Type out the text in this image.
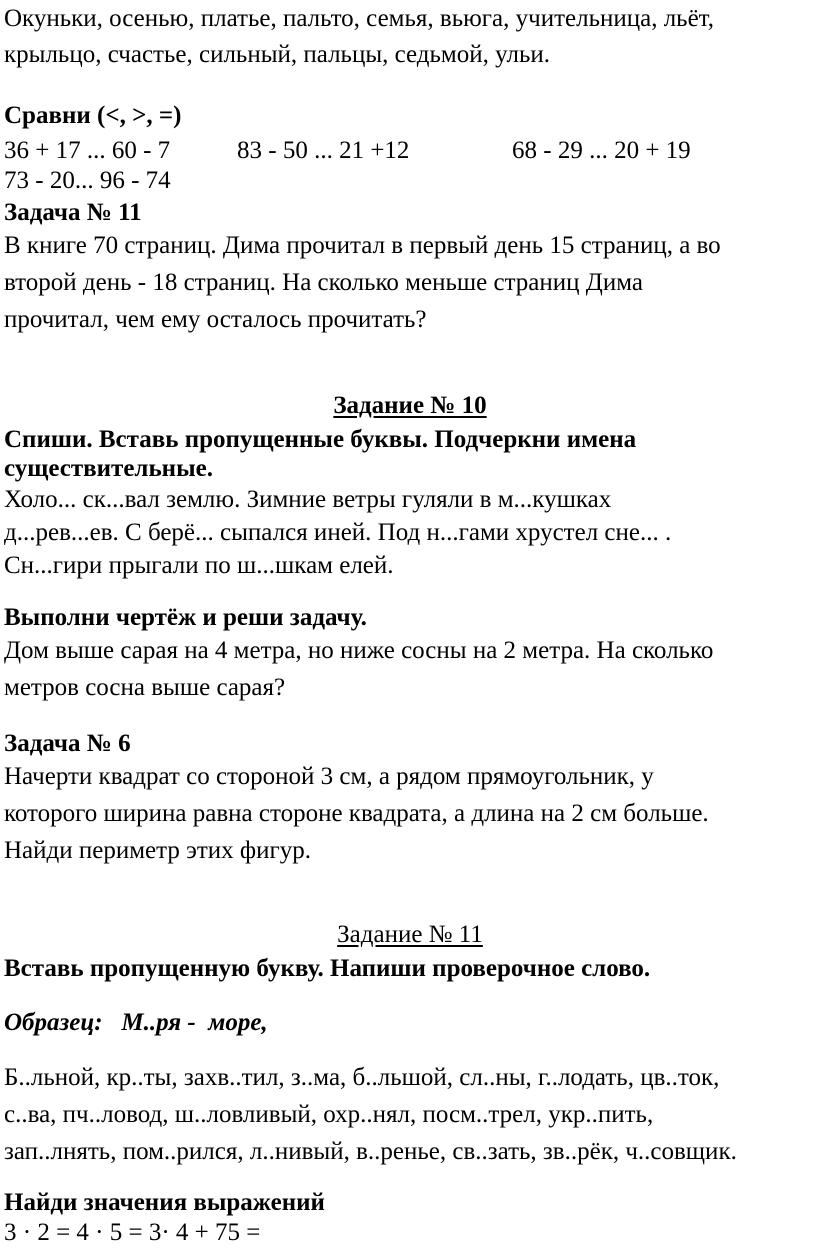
Окуньки, осенью, платье, пальто, семья, вьюга, учительница, льёт,
крыльцо, счастье, сильный, пальцы, седьмой, ульи.
Сравни (<, >, =)
36 + 17 ... 60 - 7	83 - 50 ... 21 +12	68 - 29 ... 20 + 19
73 - 20... 96 - 74
Задача № 11
В книге 70 страниц. Дима прочитал в первый день 15 страниц, а во
второй день - 18 страниц. На сколько меньше страниц Дима
прочитал, чем ему осталось прочитать?
Задание № 10
Спиши. Вставь пропущенные буквы. Подчеркни имена
существительные.
Холо... ск...вал землю. Зимние ветры гуляли в м...кушках
д...рев...ев. С берё... сыпался иней. Под н...гами хрустел сне... .
Сн...гири прыгали по ш...шкам елей.
Выполни чертёж и реши задачу.
Дом выше сарая на 4 метра, но ниже сосны на 2 метра. На сколько
метров сосна выше сарая?
Задача № 6
Начерти квадрат со стороной 3 см, а рядом прямоугольник, у
которого ширина равна стороне квадрата, а длина на 2 см больше.
Найди периметр этих фигур.
Задание № 11
Вставь пропущенную букву. Напиши проверочное слово.
Образец:   М..ря -  море,
Б..льной, кр..ты, захв..тил, з..ма, б..льшой, сл..ны, г..лодать, цв..ток,
с..ва, пч..ловод, ш..ловливый, охр..нял, посм..трел, укр..пить,
зап..лнять, пом..рился, л..нивый, в..ренье, св..зать, зв..рёк, ч..совщик.
Найди значения выражений
3 · 2 = 4 · 5 = 3· 4 + 75 =
